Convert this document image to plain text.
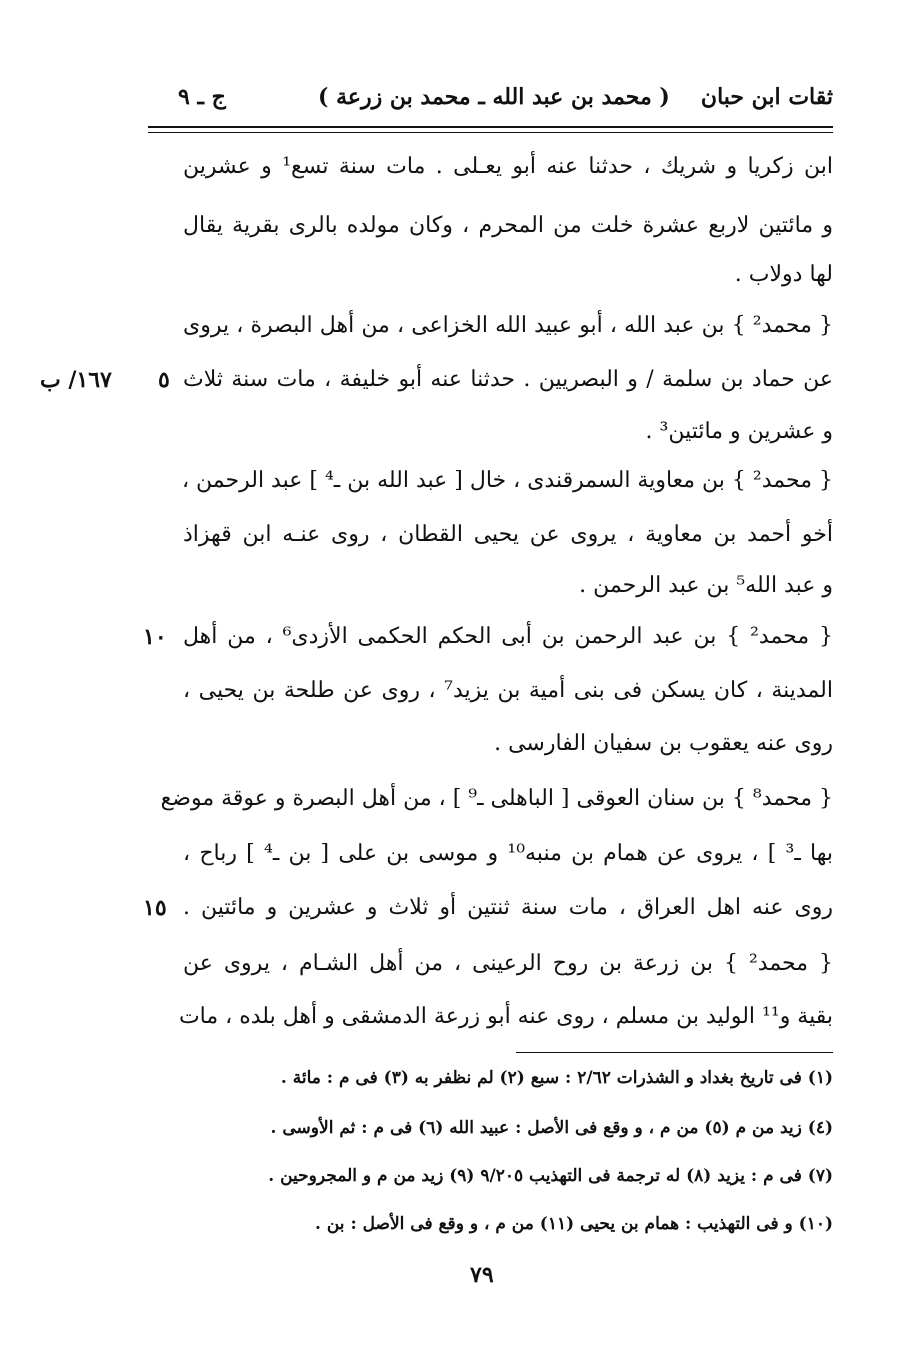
ثقات ابن حبان
( محمد بن عبد الله ـ محمد بن زرعة )
ج ـ ٩
ابن زكريا و شريك ، حدثنا عنه أبو يعـلى . مات سنة تسع¹ و عشرين
و مائتين لاربع عشرة خلت من المحرم ، وكان مولده بالرى بقرية يقال
لها دولاب .
{ محمد² } بن عبد الله ، أبو عبيد الله الخزاعى ، من أهل البصرة ، يروى
عن حماد بن سلمة / و البصريين . حدثنا عنه أبو خليفة ، مات سنة ثلاث
و عشرين و مائتين³ .
{ محمد² } بن معاوية السمرقندى ، خال [ عبد الله بن ـ⁴ ] عبد الرحمن ،
أخو أحمد بن معاوية ، يروى عن يحيى القطان ، روى عنـه ابن قهزاذ
و عبد الله⁵ بن عبد الرحمن .
{ محمد² } بن عبد الرحمن بن أبى الحكم الحكمى الأزدى⁶ ، من أهل
المدينة ، كان يسكن فى بنى أمية بن يزيد⁷ ، روى عن طلحة بن يحيى ،
روى عنه يعقوب بن سفيان الفارسى .
{ محمد⁸ } بن سنان العوقى [ الباهلى ـ⁹ ] ، من أهل البصرة و عوقة موضع
بها ـ³ ] ، يروى عن همام بن منبه¹⁰ و موسى بن على [ بن ـ⁴ ] رباح ،
روى عنه اهل العراق ، مات سنة ثنتين أو ثلاث و عشرين و مائتين .
{ محمد² } بن زرعة بن روح الرعينى ، من أهل الشـام ، يروى عن
بقية و¹¹ الوليد بن مسلم ، روى عنه أبو زرعة الدمشقى و أهل بلده ، مات
٥
١٦٧/ ب
١٠
١٥
(١) فى تاريخ بغداد و الشذرات ٢/٦٢ : سبع (٢) لم نظفر به (٣) فى م : مائة .
(٤) زيد من م (٥) من م ، و وقع فى الأصل : عبيد الله (٦) فى م : ثم الأوسى .
(٧) فى م : يزيد (٨) له ترجمة فى التهذيب ٩/٢٠٥ (٩) زيد من م و المجروحين .
(١٠) و فى التهذيب : همام بن يحيى (١١) من م ، و وقع فى الأصل : بن .
٧٩
